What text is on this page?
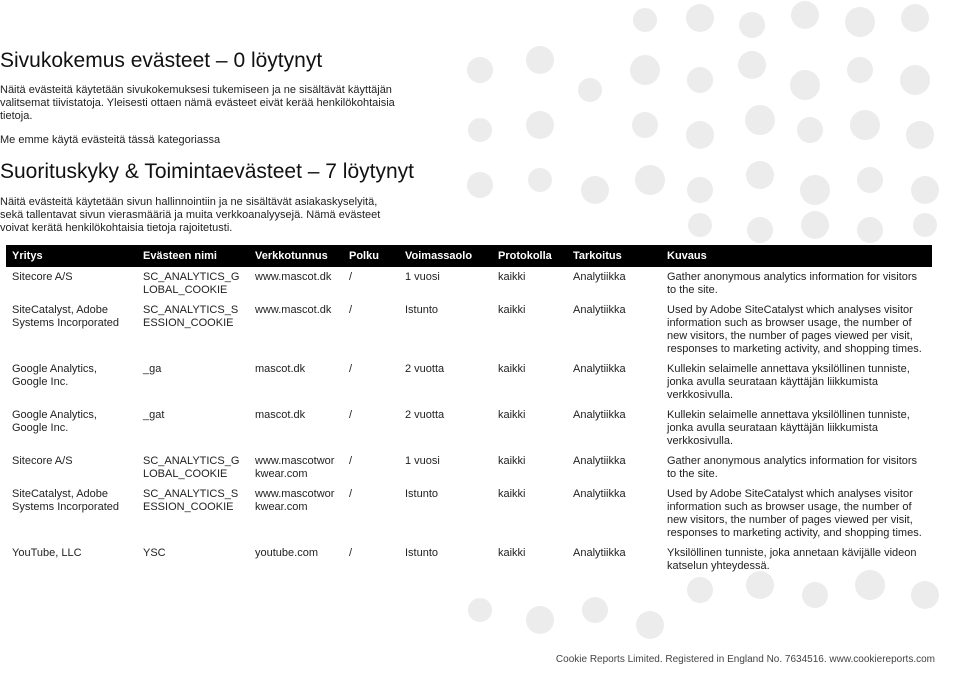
Suorituskyky & Toimintaevästeet – 7 löytynyt
Sivukokemus evästeet – 0 löytynyt

Näitä evästeitä käytetään sivukokemuksesi tukemiseen ja ne sisältävät käyttäjän valitsemat tiivistatoja. Yleisesti ottaen nämä evästeet eivät kerää henkilökohtaisia tietoja.

Me emme käytä evästeitä tässä kategoriassa

Näitä evästeitä käytetään sivun hallinnointiin ja ne sisältävät asiakaskyselyitä, sekä tallentavat sivun vierasmääriä ja muita verkkoanalyysejä. Nämä evästeet voivat kerätä henkilökohtaisia tietoja rajoitetusti.

Yritys	Evästeen nimi	Verkkotunnus	Polku	Voimassaolo	Protokolla	Tarkoitus	Kuvaus
Sitecore A/S	SC_ANALYTICS_GLOBAL_COOKIE	www.mascot.dk	/	1 vuosi	kaikki	Analytiikka	Gather anonymous analytics information for visitors to the site.
SiteCatalyst, Adobe Systems Incorporated	SC_ANALYTICS_SESSION_COOKIE	www.mascot.dk	/	Istunto	kaikki	Analytiikka	Used by Adobe SiteCatalyst which analyses visitor information such as browser usage, the number of new visitors, the number of pages viewed per visit, responses to marketing activity, and shopping times.
Google Analytics, Google Inc.	_ga	mascot.dk	/	2 vuotta	kaikki	Analytiikka	Kullekin selaimelle annettava yksilöllinen tunniste, jonka avulla seurataan käyttäjän liikkumista verkkosivulla.
Google Analytics, Google Inc.	_gat	mascot.dk	/	2 vuotta	kaikki	Analytiikka	Kullekin selaimelle annettava yksilöllinen tunniste, jonka avulla seurataan käyttäjän liikkumista verkkosivulla.
Sitecore A/S	SC_ANALYTICS_GLOBAL_COOKIE	www.mascotworkwear.com	/	1 vuosi	kaikki	Analytiikka	Gather anonymous analytics information for visitors to the site.
SiteCatalyst, Adobe Systems Incorporated	SC_ANALYTICS_SESSION_COOKIE	www.mascotworkwear.com	/	Istunto	kaikki	Analytiikka	Used by Adobe SiteCatalyst which analyses visitor information such as browser usage, the number of new visitors, the number of pages viewed per visit, responses to marketing activity, and shopping times.
YouTube, LLC	YSC	youtube.com	/	Istunto	kaikki	Analytiikka	Yksilöllinen tunniste, joka annetaan kävijälle videon katselun yhteydessä.
Cookie Reports Limited. Registered in England No. 7634516. www.cookiereports.com
